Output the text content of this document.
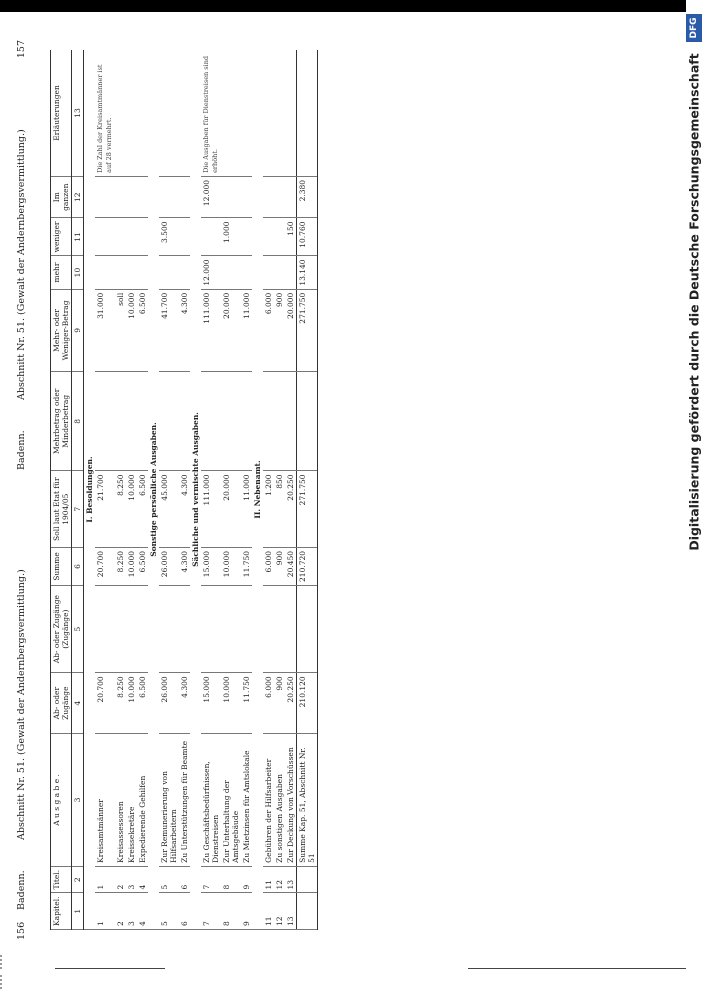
DFG
Digitalisierung gefördert durch die Deutsche Forschungsgemeinschaft
156
Badenn.
Abschnitt Nr. 51. (Gewalt der Andernbergsvermittlung.)
Badenn.
Abschnitt Nr. 51. (Gewalt der Andernbergsvermittlung.)
157
Kapitel.	Titel.	A u s g a b e .	Ab- oder Zugänge	Ab- oder Zugänge (Zugänge)	Summe	Soll laut Etat für 1904/05	Mehrbetrag oder Minderbetrag	Mehr- oder Weniger-Betrag	mehr	weniger	Im ganzen	Erläuterungen
1	2	3	4	5	6	7	8	9	10	11	12	13
I. Besoldungen.												
1	1	Kreisamtmänner	20.700		20.700	21.700		31.000				Die Zahl der Kreisamtmänner ist auf 28 vermehrt.
2	2	Kreisassessoren	8.250		8.250	8.250		soll				
3	3	Kreissekretäre	10.000		10.000	10.000		10.000				
4	4	Expedierende Gehilfen	6.500		6.500	6.500		6.500				
Sonstige persönliche Ausgaben.												
5	5	Zur Remunerierung von Hilfsarbeitern	26.000		26.000	45.000		41.700		3.500		
6	6	Zu Unterstützungen für Beamte	4.300		4.300	4.300		4.300				
Sächliche und vermischte Ausgaben.												
7	7	Zu Geschäftsbedürfnissen, Dienstreisen	15.000		15.000	111.000		111.000	12.000		12.000	Die Ausgaben für Dienstreisen sind erhöht.
8	8	Zur Unterhaltung der Amtsgebäude	10.000		10.000	20.000		20.000		1.000		
9	9	Zu Mietzinsen für Amtslokale	11.750		11.750	11.000		11.000				
II. Nebenamt.												
11	11	Gebühren der Hilfsarbeiter	6.000		6.000	1.200		6.000				
12	12	Zu sonstigen Ausgaben	900		900	850		900				
13	13	Zur Deckung von Vorschüssen	20.250		20.450	20.250		20.000		150		
		Summe Kap. 51, Abschnitt Nr. 51	210.120		210.720	271.750		271.750	13.140	10.760	2.380	
